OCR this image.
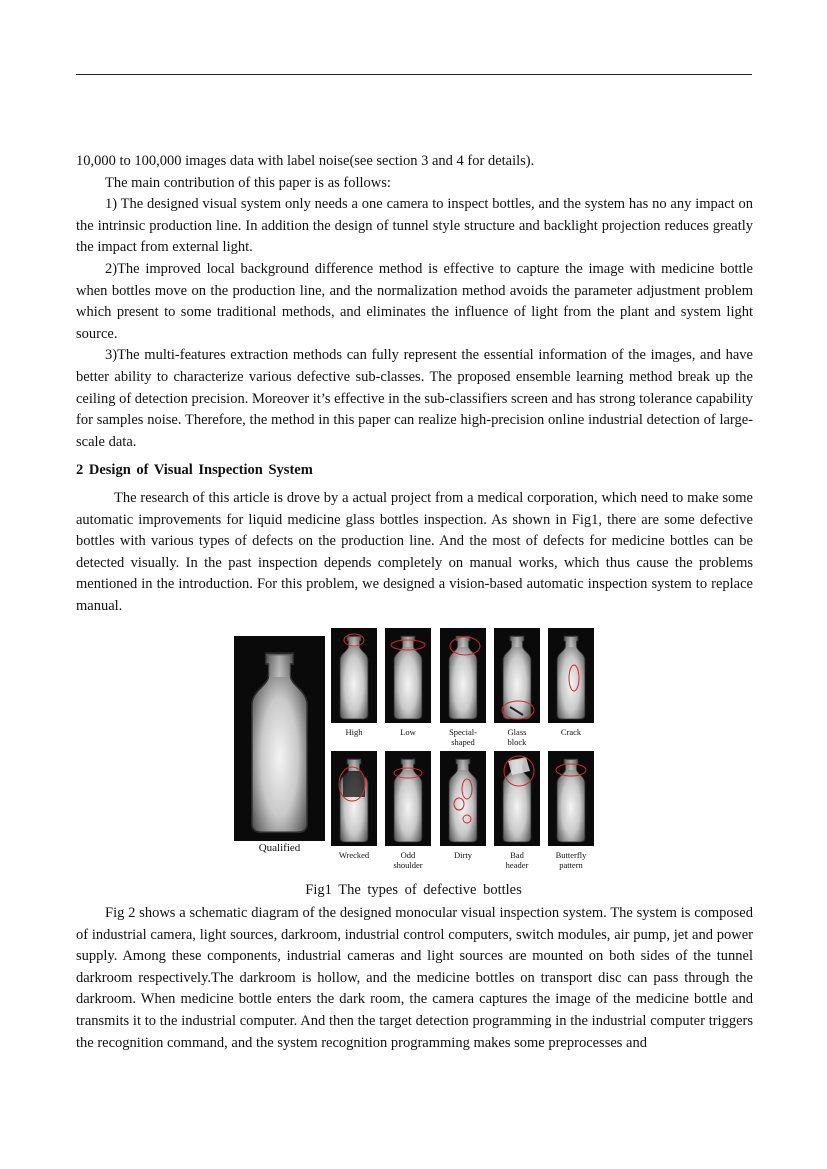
10,000 to 100,000 images data with label noise(see section 3 and 4 for details).

The main contribution of this paper is as follows:

1) The designed visual system only needs a one camera to inspect bottles, and the system has no any impact on the intrinsic production line. In addition the design of tunnel style structure and backlight projection reduces greatly the impact from external light.

2)The improved local background difference method is effective to capture the image with medicine bottle when bottles move on the production line, and the normalization method avoids the parameter adjustment problem which present to some traditional methods, and eliminates the influence of light from the plant and system light source.

3)The multi-features extraction methods can fully represent the essential information of the images, and have better ability to characterize various defective sub-classes. The proposed ensemble learning method break up the ceiling of detection precision. Moreover it’s effective in the sub-classifiers screen and has strong tolerance capability for samples noise. Therefore, the method in this paper can realize high-precision online industrial detection of large-scale data.

2 Design of Visual Inspection System

The research of this article is drove by a actual project from a medical corporation, which need to make some automatic improvements for liquid medicine glass bottles inspection. As shown in Fig1, there are some defective bottles with various types of defects on the production line. And the most of defects for medicine bottles can be detected visually. In the past inspection depends completely on manual works, which thus cause the problems mentioned in the introduction. For this problem, we designed a vision-based automatic inspection system to replace manual.

Qualified
High	Low	Special-
shaped
Glass
block
Crack
Wrecked	Odd
shoulder
Dirty	Bad
header
Butterfly
pattern

Fig1 The types of defective bottles

Fig 2 shows a schematic diagram of the designed monocular visual inspection system. The system is composed of industrial camera, light sources, darkroom, industrial control computers, switch modules, air pump, jet and power supply. Among these components, industrial cameras and light sources are mounted on both sides of the tunnel darkroom respectively.The darkroom is hollow, and the medicine bottles on transport disc can pass through the darkroom. When medicine bottle enters the dark room, the camera captures the image of the medicine bottle and transmits it to the industrial computer. And then the target detection programming in the industrial computer triggers the recognition command, and the system recognition programming makes some preprocesses and
